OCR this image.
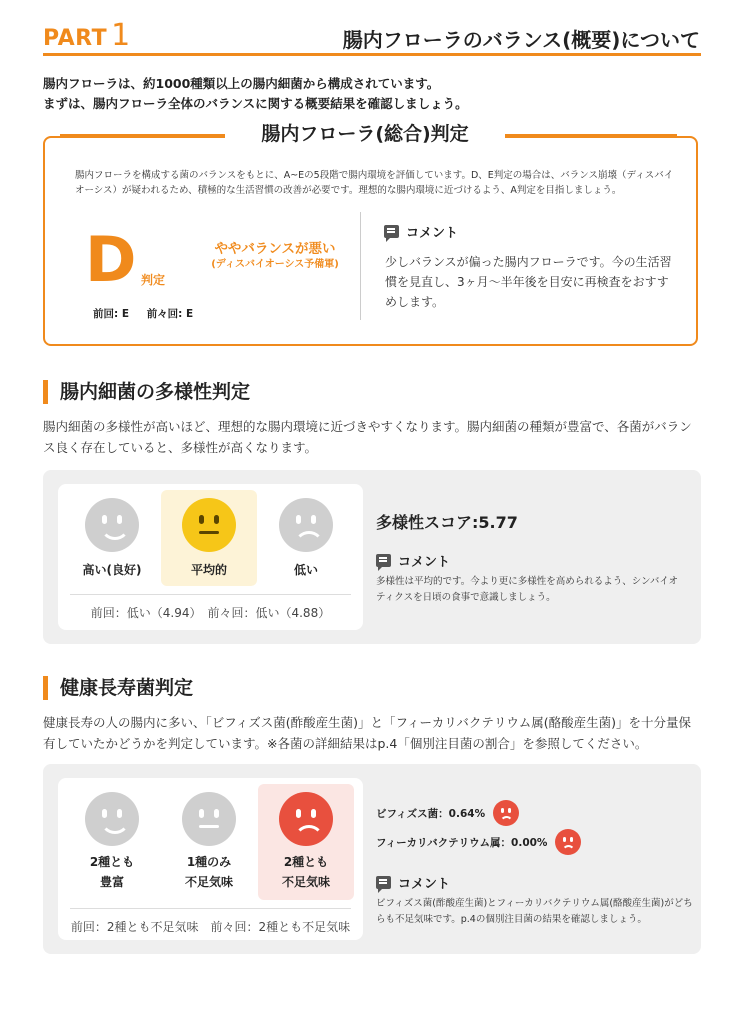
PART 1	腸内フローラのバランス(概要)について
腸内フローラは、約1000種類以上の腸内細菌から構成されています。
まずは、腸内フローラ全体のバランスに関する概要結果を確認しましょう。
腸内フローラ(総合)判定
腸内フローラを構成する菌のバランスをもとに、A~Eの5段階で腸内環境を評価しています。D、E判定の場合は、バランス崩壊（ディスバイオーシス）が疑われるため、積極的な生活習慣の改善が必要です。理想的な腸内環境に近づけるよう、A判定を目指しましょう。
D 判定
ややバランスが悪い
(ディスバイオーシス予備軍)
前回: E 前々回: E
コメント
少しバランスが偏った腸内フローラです。今の生活習慣を見直し、3ヶ月〜半年後を目安に再検査をおすすめします。
腸内細菌の多様性判定
腸内細菌の多様性が高いほど、理想的な腸内環境に近づきやすくなります。腸内細菌の種類が豊富で、各菌がバランス良く存在していると、多様性が高くなります。
高い(良好)	平均的	低い
前回：低い（4.94）　前々回：低い（4.88）
多様性スコア:5.77
コメント
多様性は平均的です。今より更に多様性を高められるよう、シンバイオティクスを日頃の食事で意識しましょう。
健康長寿菌判定
健康長寿の人の腸内に多い、「ビフィズス菌(酢酸産生菌)」と「フィーカリバクテリウム属(酪酸産生菌)」を十分量保有していたかどうかを判定しています。※各菌の詳細結果はp.4「個別注目菌の割合」を参照してください。
2種とも
豊富
1種のみ
不足気味
2種とも
不足気味
前回：2種とも不足気味　前々回：2種とも不足気味
ビフィズス菌：0.64%
フィーカリバクテリウム属：0.00%
コメント
ビフィズス菌(酢酸産生菌)とフィーカリバクテリウム属(酪酸産生菌)がどちらも不足気味です。p.4の個別注目菌の結果を確認しましょう。
